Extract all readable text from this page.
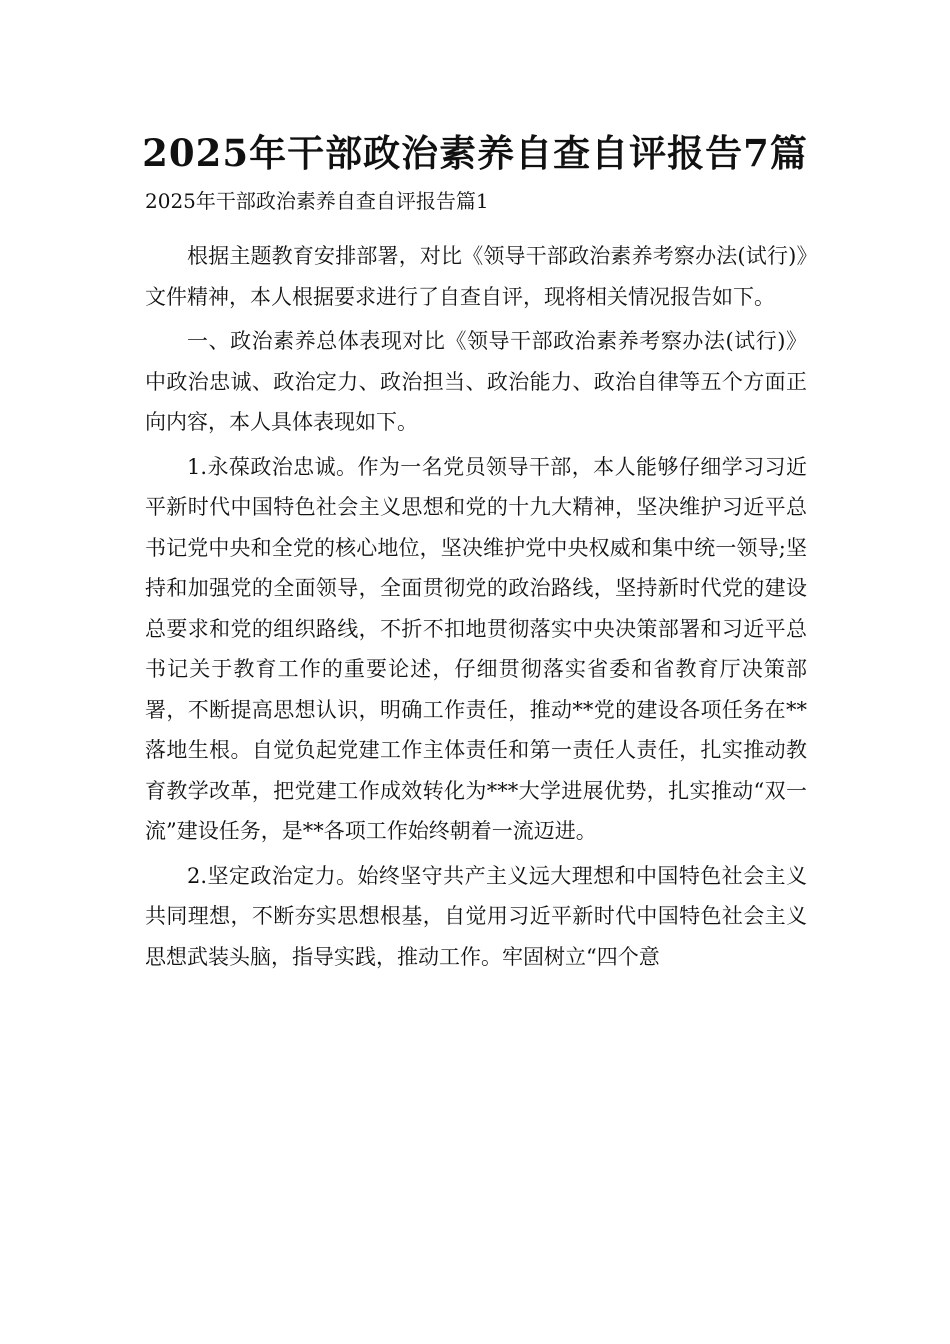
2025年干部政治素养自查自评报告7篇
2025年干部政治素养自查自评报告篇1

根据主题教育安排部署，对比《领导干部政治素养考察办法(试行)》文件精神，本人根据要求进行了自查自评，现将相关情况报告如下。

一、政治素养总体表现对比《领导干部政治素养考察办法(试行)》中政治忠诚、政治定力、政治担当、政治能力、政治自律等五个方面正向内容，本人具体表现如下。

1.永葆政治忠诚。作为一名党员领导干部，本人能够仔细学习习近平新时代中国特色社会主义思想和党的十九大精神，坚决维护习近平总书记党中央和全党的核心地位，坚决维护党中央权威和集中统一领导;坚持和加强党的全面领导，全面贯彻党的政治路线，坚持新时代党的建设总要求和党的组织路线，不折不扣地贯彻落实中央决策部署和习近平总书记关于教育工作的重要论述，仔细贯彻落实省委和省教育厅决策部署，不断提高思想认识，明确工作责任，推动**党的建设各项任务在**落地生根。自觉负起党建工作主体责任和第一责任人责任，扎实推动教育教学改革，把党建工作成效转化为***大学进展优势，扎实推动“双一流”建设任务，是**各项工作始终朝着一流迈进。

2.坚定政治定力。始终坚守共产主义远大理想和中国特色社会主义共同理想，不断夯实思想根基，自觉用习近平新时代中国特色社会主义思想武装头脑，指导实践，推动工作。牢固树立“四个意
